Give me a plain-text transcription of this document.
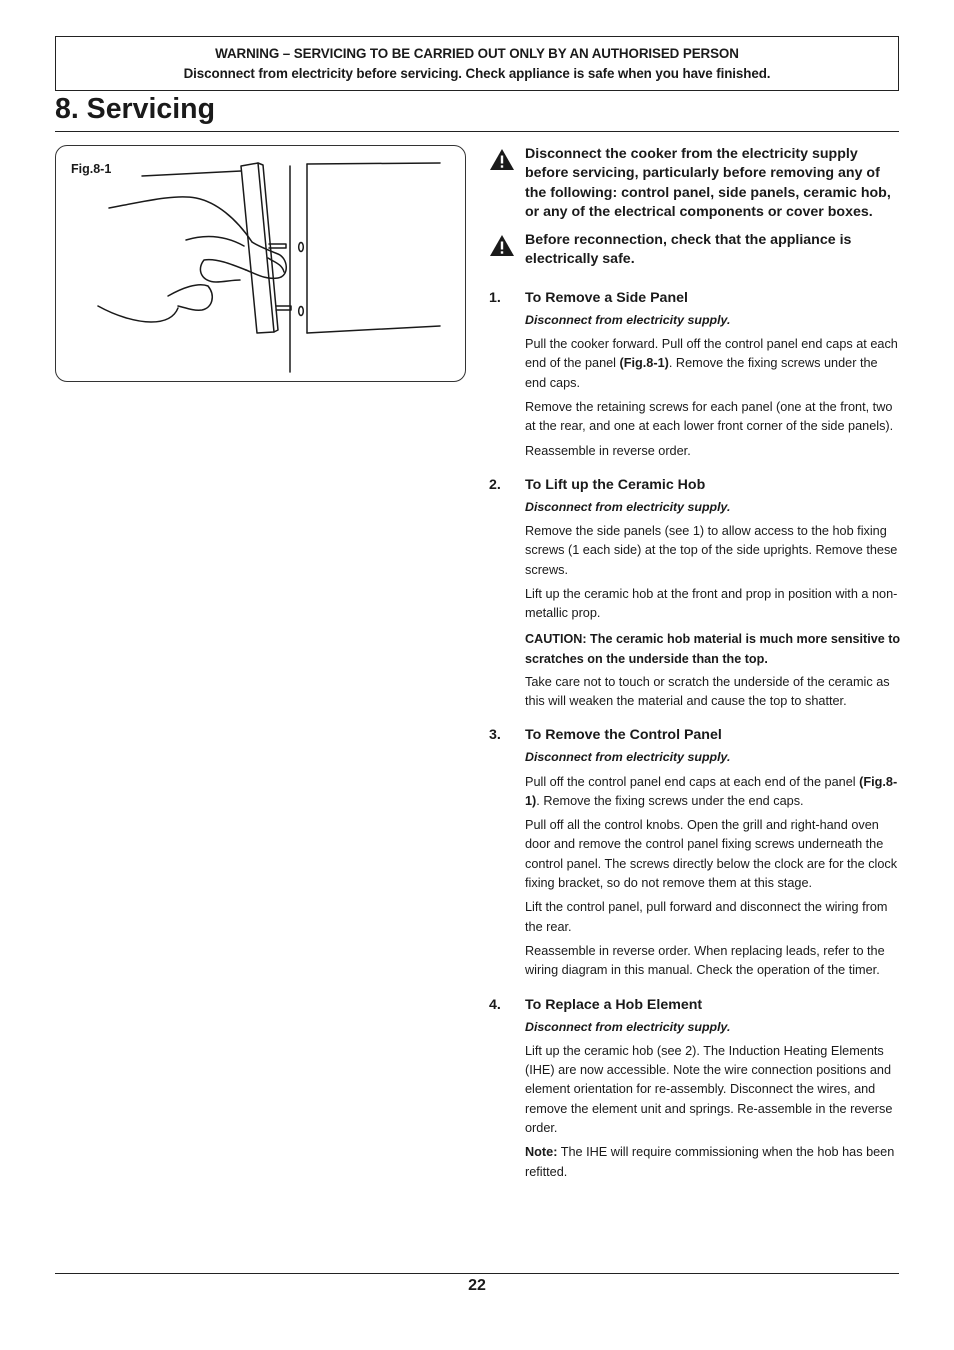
WARNING – SERVICING TO BE CARRIED OUT ONLY BY AN AUTHORISED PERSON
Disconnect from electricity before servicing. Check appliance is safe when you have finished.
8. Servicing
Fig.8-1
Disconnect the cooker from the electricity supply before servicing, particularly before removing any of the following: control panel, side panels, ceramic hob, or any of the electrical components or cover boxes.
Before reconnection, check that the appliance is electrically safe.
1. To Remove a Side Panel
Disconnect from electricity supply.
Pull the cooker forward. Pull off the control panel end caps at each end of the panel (Fig.8-1). Remove the fixing screws under the end caps.
Remove the retaining screws for each panel (one at the front, two at the rear, and one at each lower front corner of the side panels).
Reassemble in reverse order.
2. To Lift up the Ceramic Hob
Disconnect from electricity supply.
Remove the side panels (see 1) to allow access to the hob fixing screws (1 each side) at the top of the side uprights. Remove these screws.
Lift up the ceramic hob at the front and prop in position with a non-metallic prop.
CAUTION: The ceramic hob material is much more sensitive to scratches on the underside than the top.
Take care not to touch or scratch the underside of the ceramic as this will weaken the material and cause the top to shatter.
3. To Remove the Control Panel
Disconnect from electricity supply.
Pull off the control panel end caps at each end of the panel (Fig.8-1). Remove the fixing screws under the end caps.
Pull off all the control knobs. Open the grill and right-hand oven door and remove the control panel fixing screws underneath the control panel. The screws directly below the clock are for the clock fixing bracket, so do not remove them at this stage.
Lift the control panel, pull forward and disconnect the wiring from the rear.
Reassemble in reverse order. When replacing leads, refer to the wiring diagram in this manual. Check the operation of the timer.
4. To Replace a Hob Element
Disconnect from electricity supply.
Lift up the ceramic hob (see 2). The Induction Heating Elements (IHE) are now accessible. Note the wire connection positions and element orientation for re-assembly. Disconnect the wires, and remove the element unit and springs. Re-assemble in the reverse order.
Note: The IHE will require commissioning when the hob has been refitted.
22
